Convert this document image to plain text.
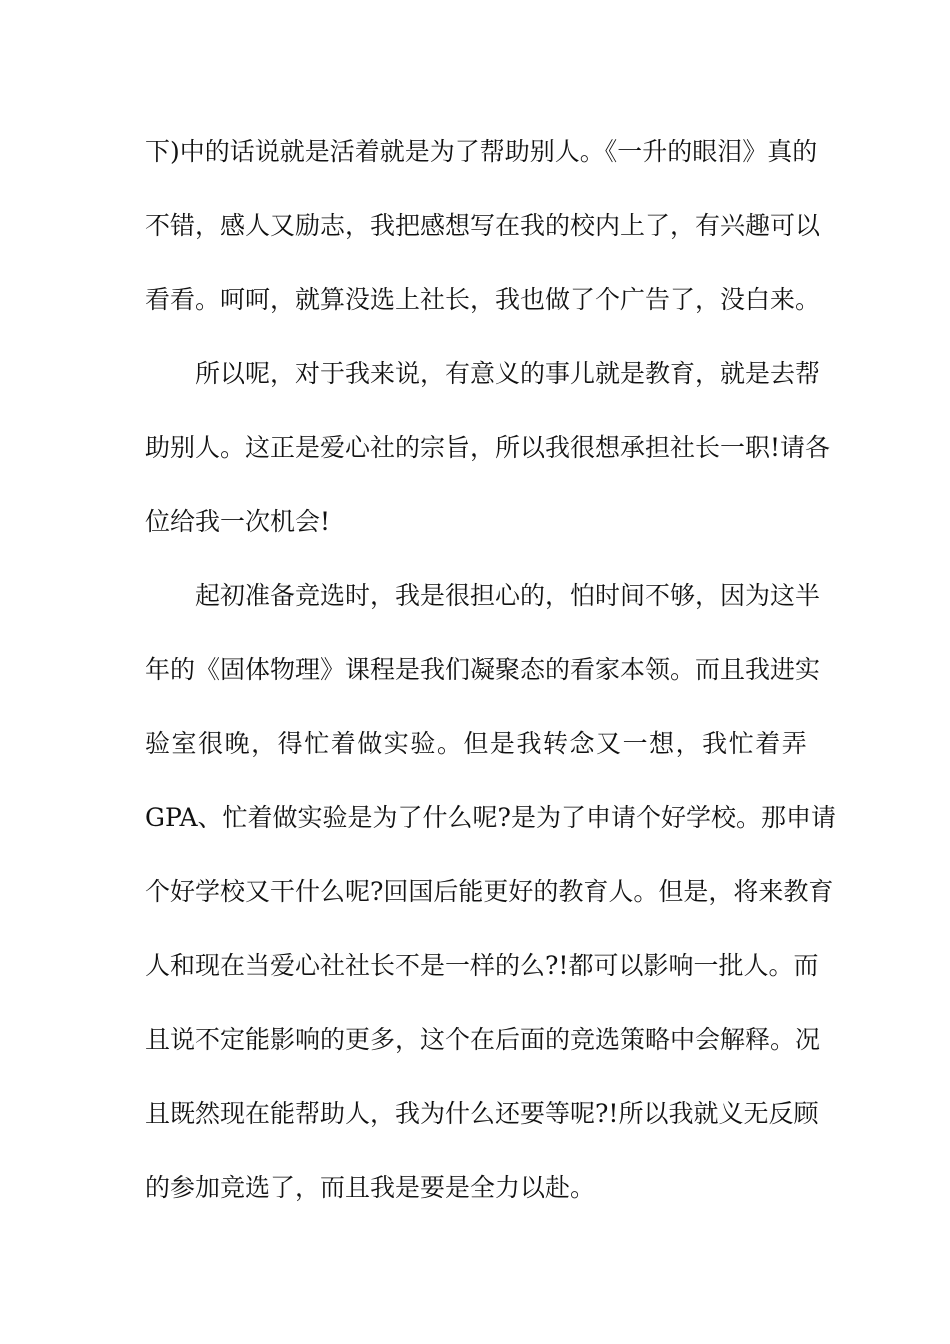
下)中的话说就是活着就是为了帮助别人。《一升的眼泪》真的
不错，感人又励志，我把感想写在我的校内上了，有兴趣可以
看看。呵呵，就算没选上社长，我也做了个广告了，没白来。
所以呢，对于我来说，有意义的事儿就是教育，就是去帮
助别人。这正是爱心社的宗旨，所以我很想承担社长一职!请各
位给我一次机会!
起初准备竞选时，我是很担心的，怕时间不够，因为这半
年的《固体物理》课程是我们凝聚态的看家本领。而且我进实
验 室 很 晚 ， 得 忙 着 做 实 验 。 但 是 我 转 念 又 一 想 ， 我 忙 着 弄
GPA、忙着做实验是为了什么呢?是为了申请个好学校。那申请
个好学校又干什么呢?回国后能更好的教育人。但是，将来教育
人和现在当爱心社社长不是一样的么?!都可以影响一批人。而
且说不定能影响的更多，这个在后面的竞选策略中会解释。况
且既然现在能帮助人，我为什么还要等呢?!所以我就义无反顾
的参加竞选了，而且我是要是全力以赴。
